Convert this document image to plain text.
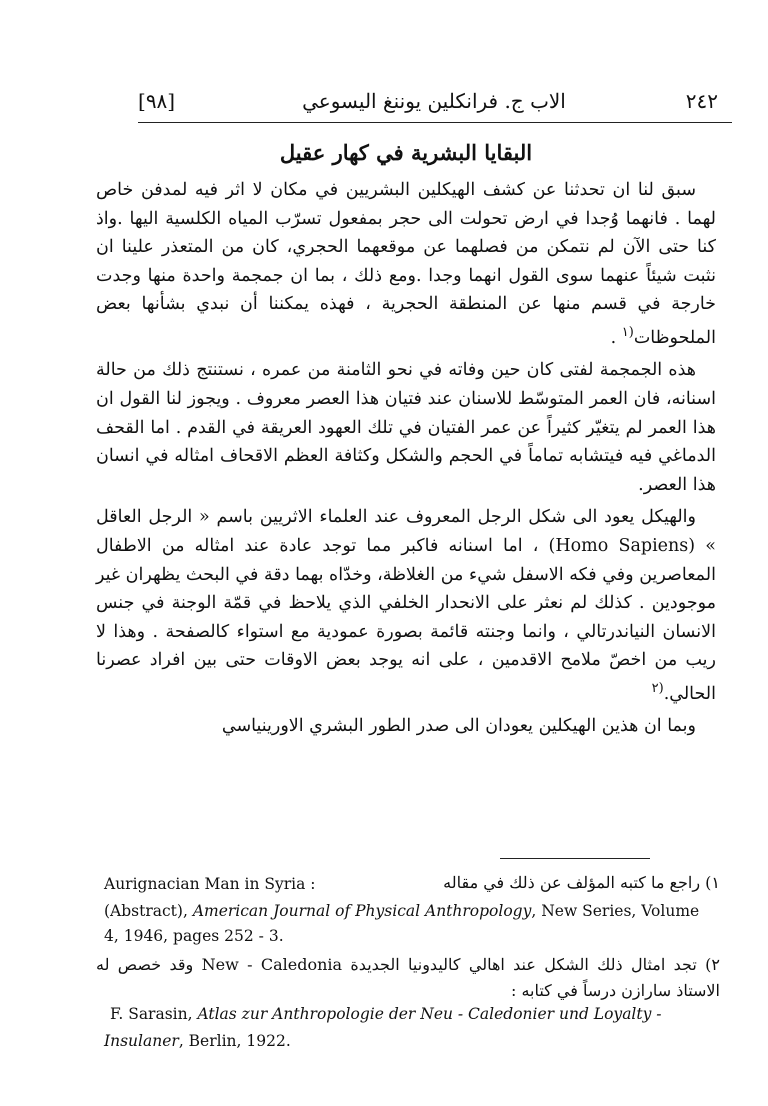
٢٤٢
الاب ج. فرانكلين يوننغ اليسوعي
[٩٨]
البقايا البشرية في كهار عقيل

سبق لنا ان تحدثنا عن كشف الهيكلين البشريين في مكان لا اثر فيه لمدفن خاص لهما . فانهما وُجدا في ارض تحولت الى حجر بمفعول تسرّب المياه الكلسية اليها .واذ كنا حتى الآن لم نتمكن من فصلهما عن موقعهما الحجري، كان من المتعذر علينا ان نثبت شيئاً عنهما سوى القول انهما وجدا .ومع ذلك ، بما ان جمجمة واحدة منها وجدت خارجة في قسم منها عن المنطقة الحجرية ، فهذه يمكننا أن نبدي بشأنها بعض الملحوظات$^{(١}$ .

هذه الجمجمة لفتى كان حين وفاته في نحو الثامنة من عمره ، نستنتج ذلك من حالة اسنانه، فان العمر المتوسّط للاسنان عند فتيان هذا العصر معروف . ويجوز لنا القول ان هذا العمر لم يتغيّر كثيراً عن عمر الفتيان في تلك العهود العريقة في القدم . اما القحف الدماغي فيه فيتشابه تماماً في الحجم والشكل وكثافة العظم الاقحاف امثاله في انسان هذا العصر.

والهيكل يعود الى شكل الرجل المعروف عند العلماء الاثريين باسم « الرجل العاقل » (Homo Sapiens) ، اما اسنانه فاكبر مما توجد عادة عند امثاله من الاطفال المعاصرين وفي فكه الاسفل شيء من الغلاظة، وخدّاه بهما دقة في البحث يظهران غير موجودين . كذلك لم نعثر على الانحدار الخلفي الذي يلاحظ في قمّة الوجنة في جنس الانسان النياندرتالي ، وانما وجنته قائمة بصورة عمودية مع استواء كالصفحة . وهذا لا ريب من اخصّ ملامح الاقدمين ، على انه يوجد بعض الاوقات حتى بين افراد عصرنا الحالي.$^{(٢}$

وبما ان هذين الهيكلين يعودان الى صدر الطور البشري الاورينياسي

١) راجع ما كتبه المؤلف عن ذلك في مقاله
Aurignacian Man in Syria :
(Abstract), American Journal of Physical Anthropology, New Series, Volume
4, 1946, pages 252 - 3.
٢) تجد امثال ذلك الشكل عند اهالي كاليدونيا الجديدة New - Caledonia وقد خصص له الاستاذ سارازن درساً في كتابه :
F. Sarasin, Atlas zur Anthropologie der Neu - Caledonier und Loyalty -
Insulaner, Berlin, 1922.
